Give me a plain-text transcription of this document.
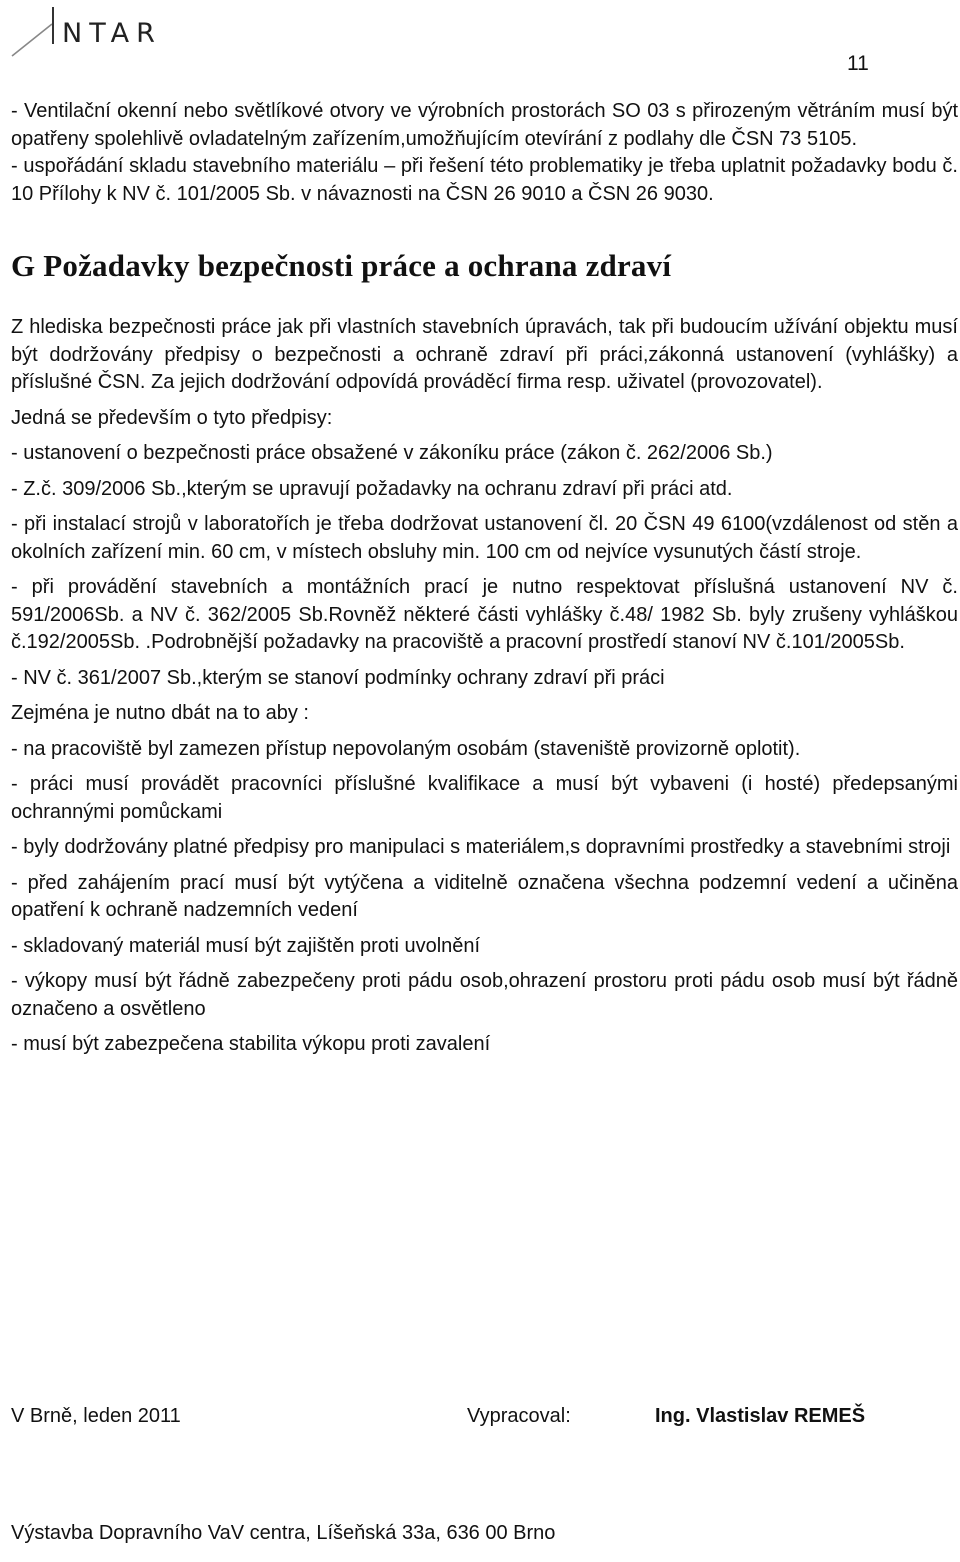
NTAR
11

- Ventilační okenní nebo světlíkové otvory ve výrobních prostorách SO 03 s přirozeným větráním musí být opatřeny spolehlivě ovladatelným zařízením,umožňujícím otevírání z podlahy dle ČSN 73 5105.

- uspořádání skladu stavebního materiálu – při řešení této problematiky je třeba uplatnit požadavky bodu č. 10 Přílohy k NV č. 101/2005 Sb. v návaznosti na ČSN 26 9010 a ČSN 26 9030.

G Požadavky bezpečnosti práce a ochrana zdraví

Z hlediska bezpečnosti práce jak při vlastních stavebních úpravách, tak při budoucím užívání objektu musí být dodržovány předpisy o bezpečnosti a ochraně zdraví při práci,zákonná ustanovení (vyhlášky) a příslušné ČSN. Za jejich dodržování odpovídá prováděcí firma resp. uživatel (provozovatel).

Jedná se především o tyto předpisy:

- ustanovení o bezpečnosti práce obsažené v zákoníku práce (zákon č. 262/2006 Sb.)

- Z.č. 309/2006 Sb.,kterým se upravují požadavky na ochranu zdraví při práci atd.

- při instalací strojů v laboratořích je třeba dodržovat ustanovení čl. 20 ČSN 49 6100(vzdálenost od stěn a okolních zařízení min. 60 cm, v místech obsluhy min. 100 cm od nejvíce vysunutých částí stroje.

- při provádění stavebních a montážních prací je nutno respektovat příslušná ustanovení NV č. 591/2006Sb. a NV č. 362/2005 Sb.Rovněž některé části vyhlášky č.48/ 1982 Sb. byly zrušeny vyhláškou č.192/2005Sb. .Podrobnější požadavky na pracoviště a pracovní prostředí stanoví NV č.101/2005Sb.

- NV č. 361/2007 Sb.,kterým se stanoví podmínky ochrany zdraví při práci

Zejména je nutno dbát na to aby :

- na pracoviště byl zamezen přístup nepovolaným osobám (staveniště provizorně oplotit).

- práci musí provádět pracovníci příslušné kvalifikace a musí být vybaveni (i hosté) předepsanými ochrannými pomůckami

- byly dodržovány platné předpisy pro manipulaci s materiálem,s dopravními prostředky a stavebními stroji

- před zahájením prací musí být vytýčena a viditelně označena všechna podzemní vedení a učiněna opatření k ochraně nadzemních vedení

- skladovaný materiál musí být zajištěn proti uvolnění

- výkopy musí být řádně zabezpečeny proti pádu osob,ohrazení prostoru proti pádu osob musí být řádně označeno a osvětleno

- musí být zabezpečena stabilita výkopu proti zavalení

V Brně, leden 2011	Vypracoval:	Ing. Vlastislav REMEŠ
Výstavba Dopravního VaV centra, Líšeňská 33a, 636 00 Brno
